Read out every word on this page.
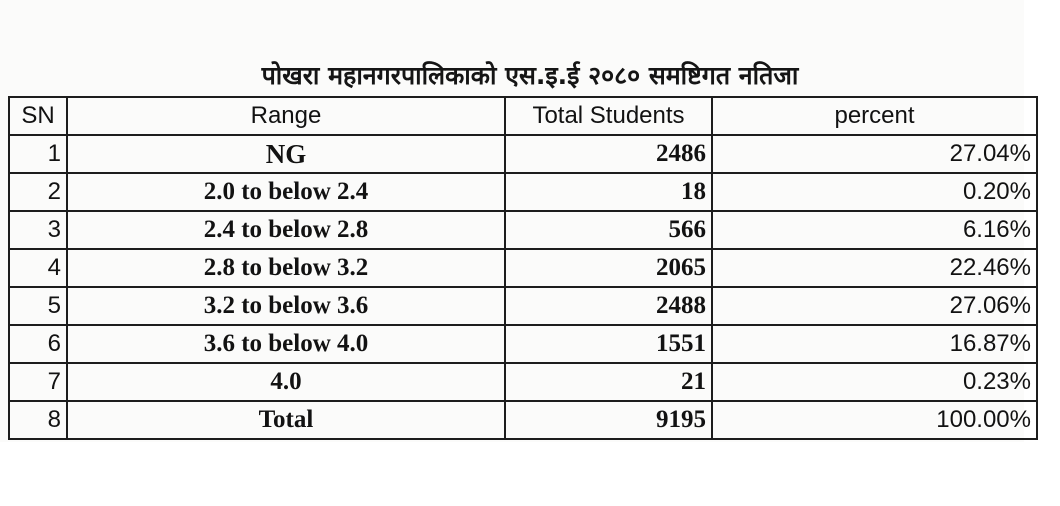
पोखरा महानगरपालिकाको एस.इ.ई २०८० समष्टिगत नतिजा
SN	Range	Total Students	percent
1	NG	2486	27.04%
2	2.0 to below 2.4	18	0.20%
3	2.4 to below 2.8	566	6.16%
4	2.8 to below 3.2	2065	22.46%
5	3.2 to below 3.6	2488	27.06%
6	3.6 to below 4.0	1551	16.87%
7	4.0	21	0.23%
8	Total	9195	100.00%
